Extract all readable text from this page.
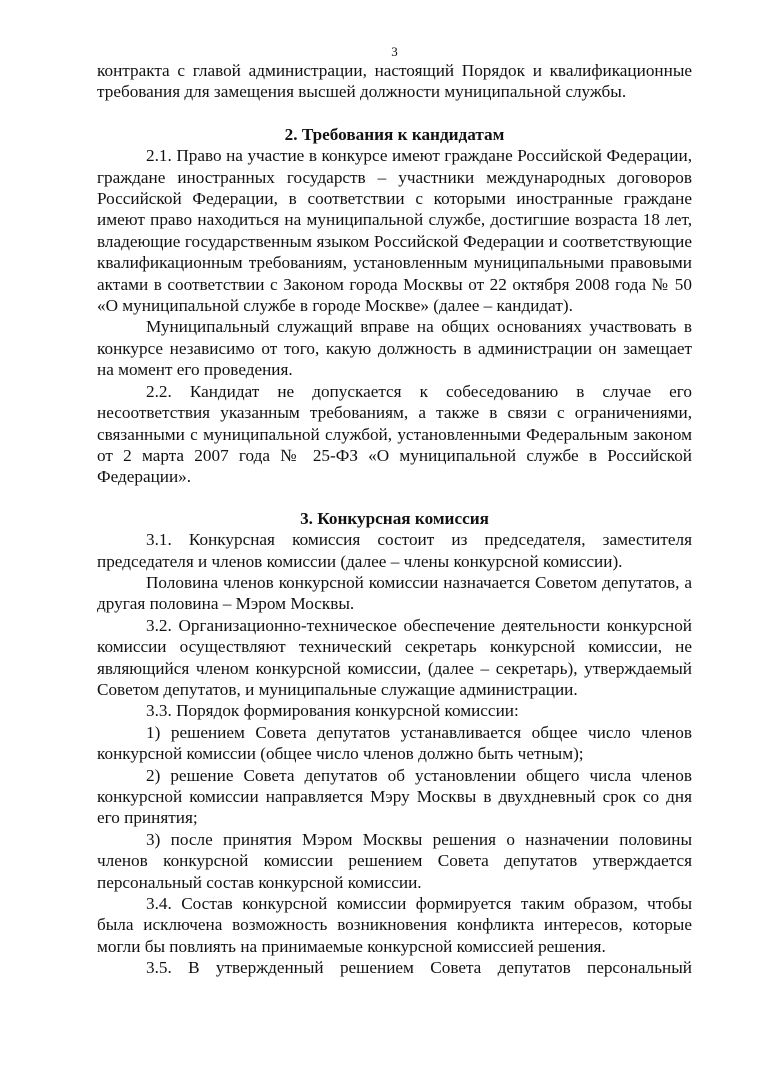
3

контракта с главой администрации, настоящий Порядок и квалификационные требования для замещения высшей должности муниципальной службы.

2. Требования к кандидатам

2.1. Право на участие в конкурсе имеют граждане Российской Федерации, граждане иностранных государств – участники международных договоров Российской Федерации, в соответствии с которыми иностранные граждане имеют право находиться на муниципальной службе, достигшие возраста 18 лет, владеющие государственным языком Российской Федерации и соответствующие квалификационным требованиям, установленным муниципальными правовыми актами в соответствии с Законом города Москвы от 22 октября 2008 года № 50 «О муниципальной службе в городе Москве» (далее – кандидат).

Муниципальный служащий вправе на общих основаниях участвовать в конкурсе независимо от того, какую должность в администрации он замещает на момент его проведения.

2.2. Кандидат не допускается к собеседованию в случае его несоответствия указанным требованиям, а также в связи с ограничениями, связанными с муниципальной службой, установленными Федеральным законом от 2 марта 2007 года № 25-ФЗ «О муниципальной службе в Российской Федерации».

3. Конкурсная комиссия

3.1. Конкурсная комиссия состоит из председателя, заместителя председателя и членов комиссии (далее – члены конкурсной комиссии).

Половина членов конкурсной комиссии назначается Советом депутатов, а другая половина – Мэром Москвы.

3.2. Организационно-техническое обеспечение деятельности конкурсной комиссии осуществляют технический секретарь конкурсной комиссии, не являющийся членом конкурсной комиссии, (далее – секретарь), утверждаемый Советом депутатов, и муниципальные служащие администрации.

3.3. Порядок формирования конкурсной комиссии:

1) решением Совета депутатов устанавливается общее число членов конкурсной комиссии (общее число членов должно быть четным);

2) решение Совета депутатов об установлении общего числа членов конкурсной комиссии направляется Мэру Москвы в двухдневный срок со дня его принятия;

3) после принятия Мэром Москвы решения о назначении половины членов конкурсной комиссии решением Совета депутатов утверждается персональный состав конкурсной комиссии.

3.4. Состав конкурсной комиссии формируется таким образом, чтобы была исключена возможность возникновения конфликта интересов, которые могли бы повлиять на принимаемые конкурсной комиссией решения.

3.5. В утвержденный решением Совета депутатов персональный
